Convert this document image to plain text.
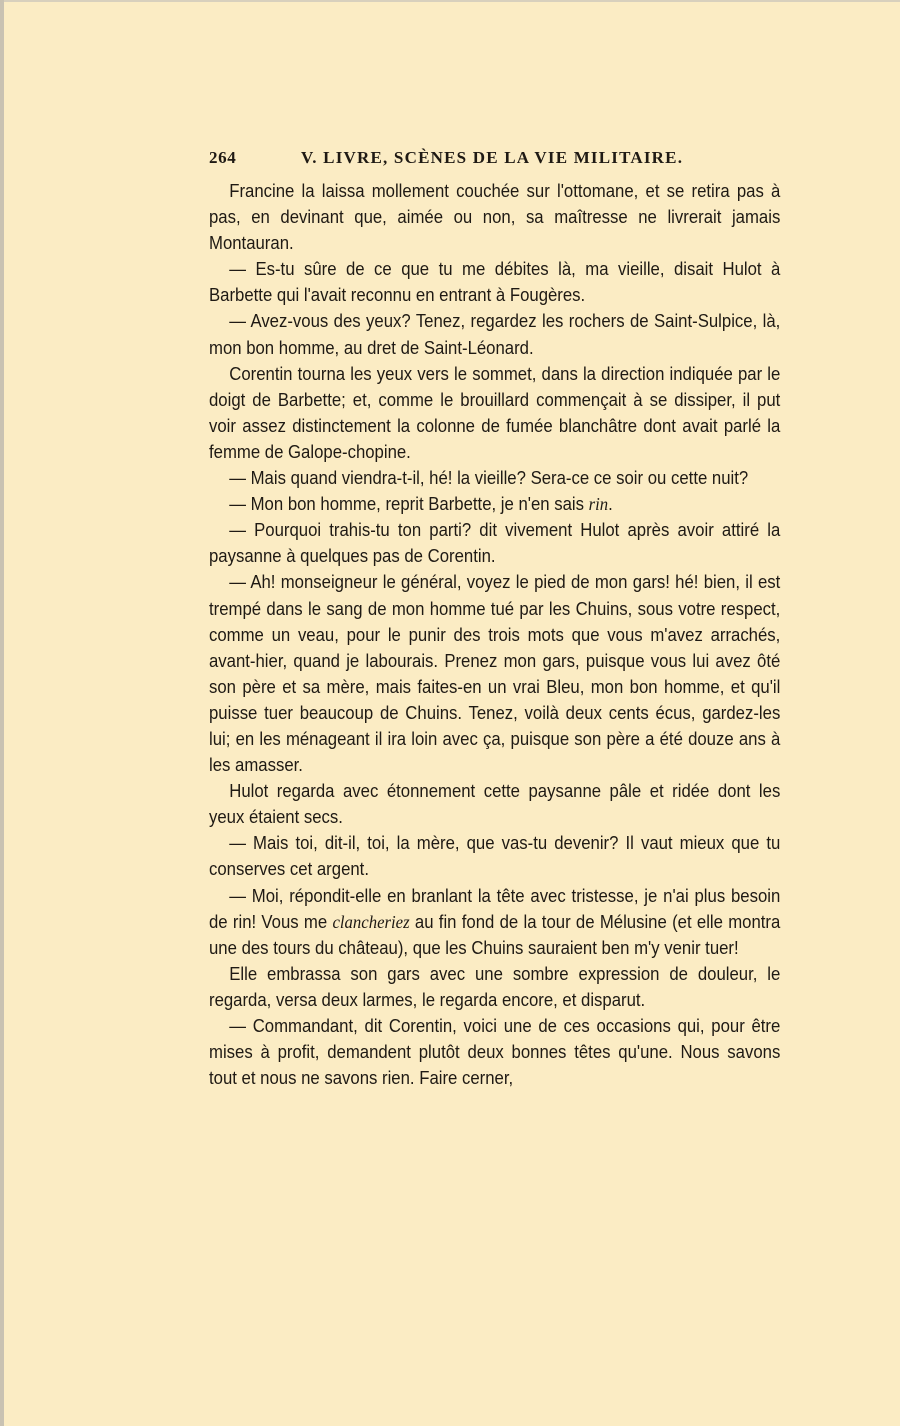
264	V. LIVRE, SCÈNES DE LA VIE MILITAIRE.

Francine la laissa mollement couchée sur l'ottomane, et se retira pas à pas, en devinant que, aimée ou non, sa maîtresse ne livrerait jamais Montauran.

— Es-tu sûre de ce que tu me débites là, ma vieille, disait Hulot à Barbette qui l'avait reconnu en entrant à Fougères.

— Avez-vous des yeux? Tenez, regardez les rochers de Saint-Sulpice, là, mon bon homme, au dret de Saint-Léonard.

Corentin tourna les yeux vers le sommet, dans la direction indiquée par le doigt de Barbette; et, comme le brouillard commençait à se dissiper, il put voir assez distinctement la colonne de fumée blanchâtre dont avait parlé la femme de Galope-chopine.

— Mais quand viendra-t-il, hé! la vieille? Sera-ce ce soir ou cette nuit?

— Mon bon homme, reprit Barbette, je n'en sais rin.

— Pourquoi trahis-tu ton parti? dit vivement Hulot après avoir attiré la paysanne à quelques pas de Corentin.

— Ah! monseigneur le général, voyez le pied de mon gars! hé! bien, il est trempé dans le sang de mon homme tué par les Chuins, sous votre respect, comme un veau, pour le punir des trois mots que vous m'avez arrachés, avant-hier, quand je labourais. Prenez mon gars, puisque vous lui avez ôté son père et sa mère, mais faites-en un vrai Bleu, mon bon homme, et qu'il puisse tuer beaucoup de Chuins. Tenez, voilà deux cents écus, gardez-les lui; en les ménageant il ira loin avec ça, puisque son père a été douze ans à les amasser.

Hulot regarda avec étonnement cette paysanne pâle et ridée dont les yeux étaient secs.

— Mais toi, dit-il, toi, la mère, que vas-tu devenir? Il vaut mieux que tu conserves cet argent.

— Moi, répondit-elle en branlant la tête avec tristesse, je n'ai plus besoin de rin! Vous me clancheriez au fin fond de la tour de Mélusine (et elle montra une des tours du château), que les Chuins sauraient ben m'y venir tuer!

Elle embrassa son gars avec une sombre expression de douleur, le regarda, versa deux larmes, le regarda encore, et disparut.

— Commandant, dit Corentin, voici une de ces occasions qui, pour être mises à profit, demandent plutôt deux bonnes têtes qu'une. Nous savons tout et nous ne savons rien. Faire cerner,
